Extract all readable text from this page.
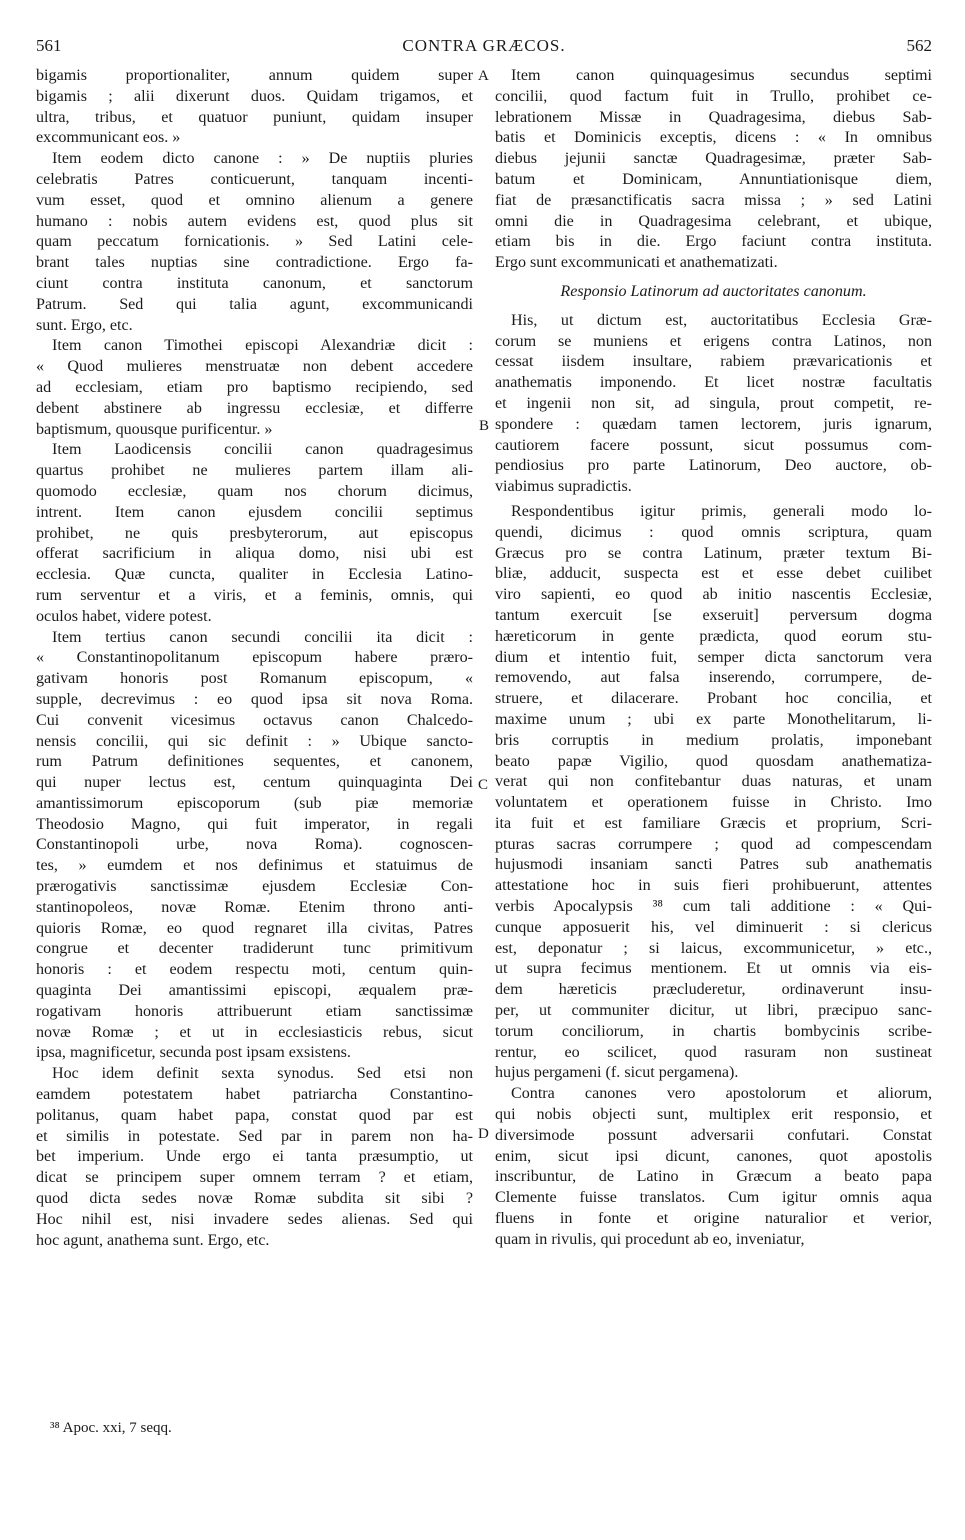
561	CONTRA GRÆCOS.	562
bigamis proportionaliter, annum quidem super
bigamis ; alii dixerunt duos. Quidam trigamos, et
ultra, tribus, et quatuor puniunt, quidam insuper
excommunicant eos. »
Item eodem dicto canone : » De nuptiis pluries
celebratis Patres conticuerunt, tanquam incenti-
vum esset, quod et omnino alienum a genere
humano : nobis autem evidens est, quod plus sit
quam peccatum fornicationis. » Sed Latini cele-
brant tales nuptias sine contradictione. Ergo fa-
ciunt contra instituta canonum, et sanctorum
Patrum. Sed qui talia agunt, excommunicandi
sunt. Ergo, etc.
Item canon Timothei episcopi Alexandriæ dicit :
« Quod mulieres menstruatæ non debent accedere
ad ecclesiam, etiam pro baptismo recipiendo, sed
debent abstinere ab ingressu ecclesiæ, et differre
baptismum, quousque purificentur. »
Item Laodicensis concilii canon quadragesimus
quartus prohibet ne mulieres partem illam ali-
quomodo ecclesiæ, quam nos chorum dicimus,
intrent. Item canon ejusdem concilii septimus
prohibet, ne quis presbyterorum, aut episcopus
offerat sacrificium in aliqua domo, nisi ubi est
ecclesia. Quæ cuncta, qualiter in Ecclesia Latino-
rum serventur et a viris, et a feminis, omnis, qui
oculos habet, videre potest.
Item tertius canon secundi concilii ita dicit :
« Constantinopolitanum episcopum habere præro-
gativam honoris post Romanum episcopum, «
supple, decrevimus : eo quod ipsa sit nova Roma.
Cui convenit vicesimus octavus canon Chalcedo-
nensis concilii, qui sic definit : » Ubique sancto-
rum Patrum definitiones sequentes, et canonem,
qui nuper lectus est, centum quinquaginta Dei
amantissimorum episcoporum (sub piæ memoriæ
Theodosio Magno, qui fuit imperator, in regali
Constantinopoli urbe, nova Roma). cognoscen-
tes, » eumdem et nos definimus et statuimus de
prærogativis sanctissimæ ejusdem Ecclesiæ Con-
stantinopoleos, novæ Romæ. Etenim throno anti-
quioris Romæ, eo quod regnaret illa civitas, Patres
congrue et decenter tradiderunt tunc primitivum
honoris : et eodem respectu moti, centum quin-
quaginta Dei amantissimi episcopi, æqualem præ-
rogativam honoris attribuerunt etiam sanctissimæ
novæ Romæ ; et ut in ecclesiasticis rebus, sicut
ipsa, magnificetur, secunda post ipsam exsistens.
Hoc idem definit sexta synodus. Sed etsi non
eamdem potestatem habet patriarcha Constantino-
politanus, quam habet papa, constat quod par est
et similis in potestate. Sed par in parem non ha-
bet imperium. Unde ergo ei tanta præsumptio, ut
dicat se principem super omnem terram ? et etiam,
quod dicta sedes novæ Romæ subdita sit sibi ?
Hoc nihil est, nisi invadere sedes alienas. Sed qui
hoc agunt, anathema sunt. Ergo, etc.
Item canon quinquagesimus secundus septimi
concilii, quod factum fuit in Trullo, prohibet ce-
lebrationem Missæ in Quadragesima, diebus Sab-
batis et Dominicis exceptis, dicens : « In omnibus
diebus jejunii sanctæ Quadragesimæ, præter Sab-
batum et Dominicam, Annuntiationisque diem,
fiat de præsanctificatis sacra missa ; » sed Latini
omni die in Quadragesima celebrant, et ubique,
etiam bis in die. Ergo faciunt contra instituta.
Ergo sunt excommunicati et anathematizati.
Responsio Latinorum ad auctoritates canonum.
His, ut dictum est, auctoritatibus Ecclesia Græ-
corum se muniens et erigens contra Latinos, non
cessat iisdem insultare, rabiem prævaricationis et
anathematis imponendo. Et licet nostræ facultatis
et ingenii non sit, ad singula, prout competit, re-
spondere : quædam tamen lectorem, juris ignarum,
cautiorem facere possunt, sicut possumus com-
pendiosius pro parte Latinorum, Deo auctore, ob-
viabimus supradictis.
Respondentibus igitur primis, generali modo lo-
quendi, dicimus : quod omnis scriptura, quam
Græcus pro se contra Latinum, præter textum Bi-
bliæ, adducit, suspecta est et esse debet cuilibet
viro sapienti, eo quod ab initio nascentis Ecclesiæ,
tantum exercuit [se exseruit] perversum dogma
hæreticorum in gente prædicta, quod eorum stu-
dium et intentio fuit, semper dicta sanctorum vera
removendo, aut falsa inserendo, corrumpere, de-
struere, et dilacerare. Probant hoc concilia, et
maxime unum ; ubi ex parte Monothelitarum, li-
bris corruptis in medium prolatis, imponebant
beato papæ Vigilio, quod quosdam anathematiza-
verat qui non confitebantur duas naturas, et unam
voluntatem et operationem fuisse in Christo. Imo
ita fuit et est familiare Græcis et proprium, Scri-
pturas sacras corrumpere ; quod ad compescendam
hujusmodi insaniam sancti Patres sub anathematis
attestatione hoc in suis fieri prohibuerunt, attentes
verbis Apocalypsis ³⁸ cum tali additione : « Qui-
cunque apposuerit his, vel diminuerit : si clericus
est, deponatur ; si laicus, excommunicetur, » etc.,
ut supra fecimus mentionem. Et ut omnis via eis-
dem hæreticis præcluderetur, ordinaverunt insu-
per, ut communiter dicitur, ut libri, præcipuo sanc-
torum conciliorum, in chartis bombycinis scribe-
rentur, eo scilicet, quod rasuram non sustineat
hujus pergameni (f. sicut pergamena).
Contra canones vero apostolorum et aliorum,
qui nobis objecti sunt, multiplex erit responsio, et
diversimode possunt adversarii confutari. Constat
enim, sicut ipsi dicunt, canones, quot apostolis
inscribuntur, de Latino in Græcum a beato papa
Clemente fuisse translatos. Cum igitur omnis aqua
fluens in fonte et origine naturalior et verior,
quam in rivulis, qui procedunt ab eo, inveniatur,
A
B
C
D
³⁸ Apoc. xxi, 7 seqq.
